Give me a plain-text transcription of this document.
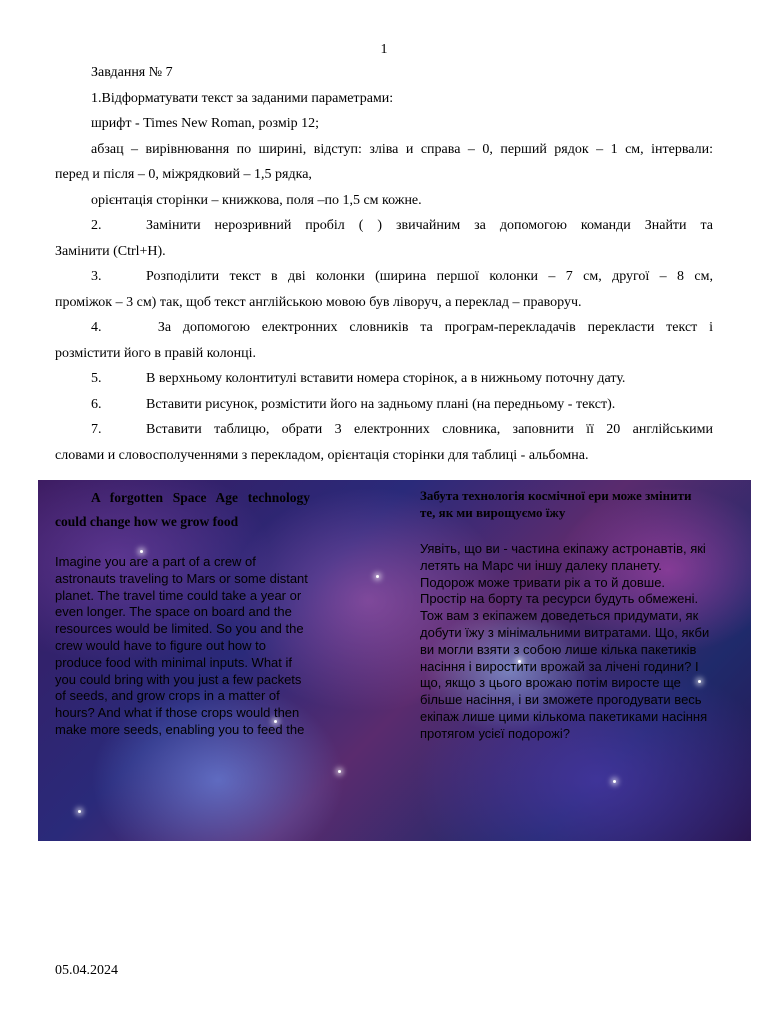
1
Завдання № 7
1.Відформатувати текст за заданими параметрами:
шрифт - Times New Roman, розмір 12;
абзац – вирівнювання по ширині, відступ: зліва и справа – 0, перший рядок – 1 см, інтервали:
перед и після – 0, міжрядковий – 1,5 рядка,
орієнтація сторінки – книжкова, поля –по 1,5 см кожне.
2.	Замінити нерозривний пробіл ( ) звичайним за допомогою команди Знайти та
Замінити (Ctrl+H).
3.	Розподілити текст в дві колонки (ширина першої колонки – 7 см, другої – 8 см,
проміжок – 3 см) так, щоб текст англійською мовою був ліворуч, а переклад – праворуч.
4.	За допомогою електронних словників та програм-перекладачів перекласти текст і
розмістити його в правій колонці.
5.	В верхньому колонтитулі вставити номера сторінок, а в нижньому поточну дату.
6.	Вставити рисунок, розмістити його на задньому плані (на передньому - текст).
7.	Вставити таблицю, обрати 3 електронних словника, заповнити її 20 англійськими
словами и словосполученнями з перекладом, орієнтація сторінки для таблиці - альбомна.

A forgotten Space Age technology could change how we grow food

Imagine you are a part of a crew of astronauts traveling to Mars or some distant planet. The travel time could take a year or even longer. The space on board and the resources would be limited. So you and the crew would have to figure out how to produce food with minimal inputs. What if you could bring with you just a few packets of seeds, and grow crops in a matter of hours? And what if those crops would then make more seeds, enabling you to feed the

Забута технологія космічної ери може змінити те, як ми вирощуємо їжу

Уявіть, що ви - частина екіпажу астронавтів, які летять на Марс чи іншу далеку планету. Подорож може тривати рік а то й довше. Простір на борту та ресурси будуть обмежені. Тож вам з екіпажем доведеться придумати, як добути їжу з мінімальними витратами. Що, якби ви могли взяти з собою лише кілька пакетиків насіння і виростити врожай за лічені години? І що, якщо з цього врожаю потім виросте ще більше насіння, і ви зможете прогодувати весь екіпаж лише цими кількома пакетиками насіння протягом усієї подорожі?

05.04.2024
